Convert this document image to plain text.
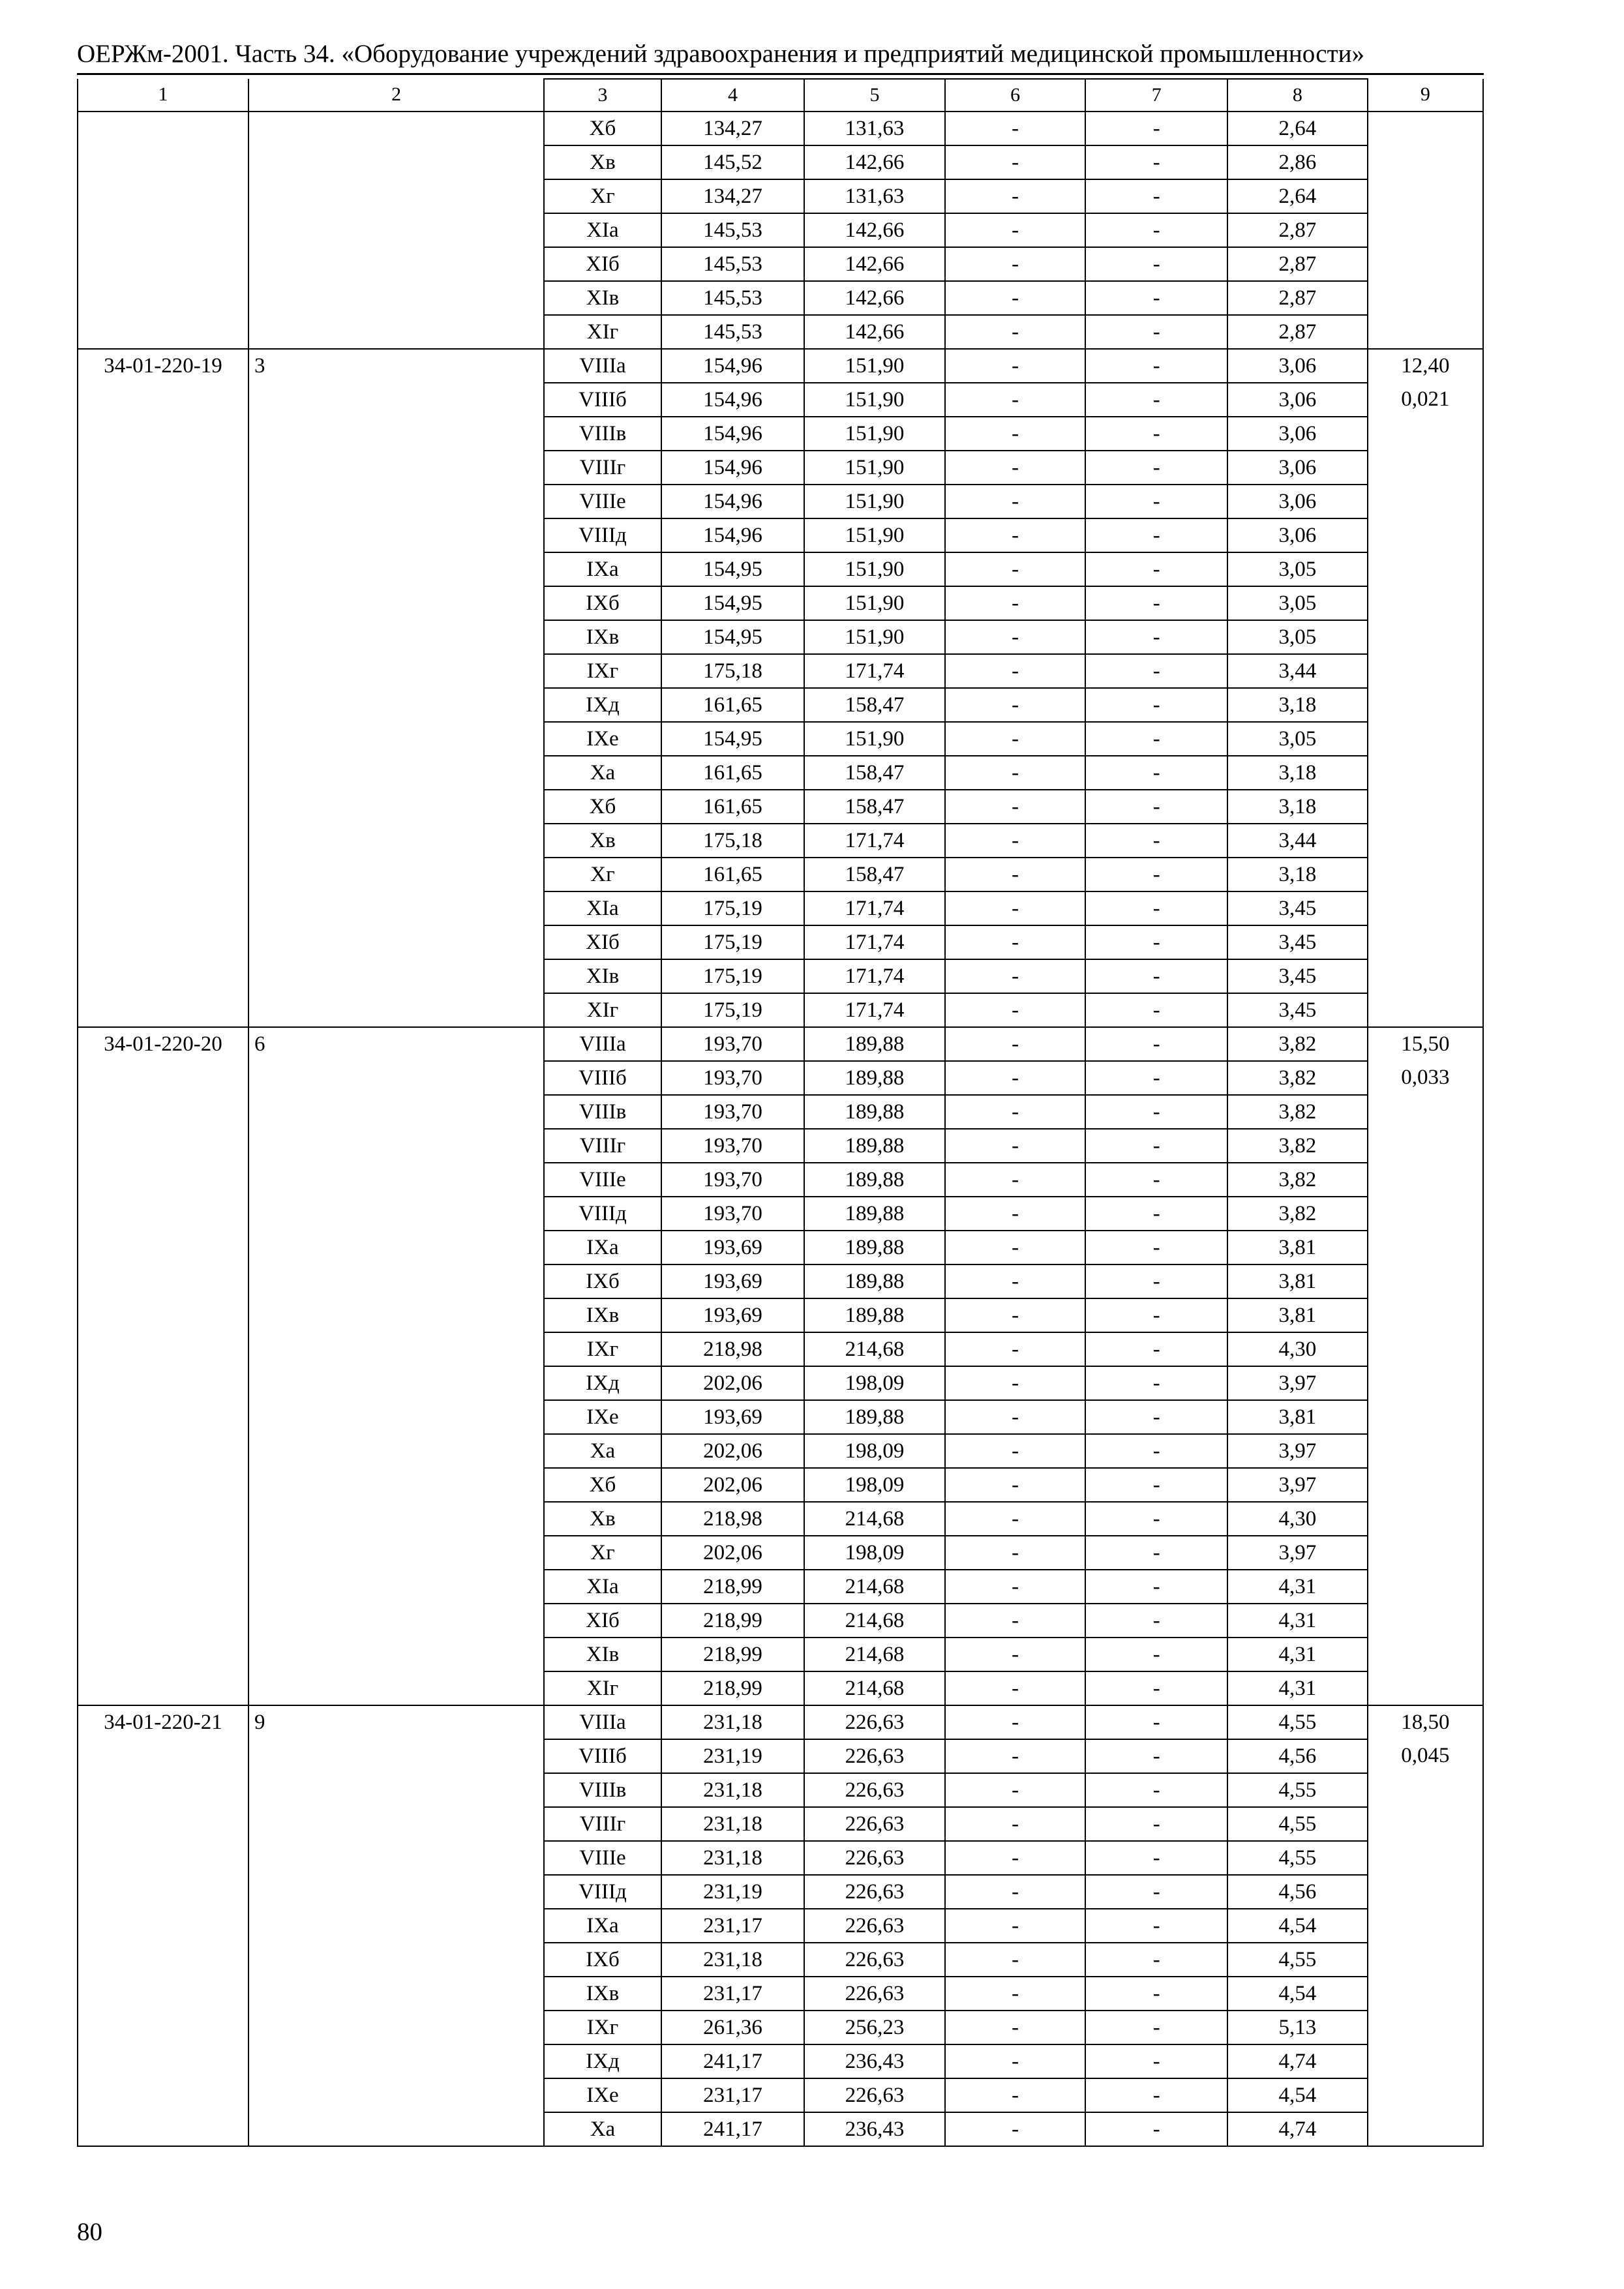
ОЕРЖм-2001. Часть 34. «Оборудование учреждений здравоохранения и предприятий медицинской промышленности»
1	2	3	4	5	6	7	8	9
		Хб	134,27	131,63	-	-	2,64	
		Хв	145,52	142,66	-	-	2,86	
		Хг	134,27	131,63	-	-	2,64	
		XIa	145,53	142,66	-	-	2,87	
		XIб	145,53	142,66	-	-	2,87	
		XIв	145,53	142,66	-	-	2,87	
		XIг	145,53	142,66	-	-	2,87	
34-01-220-19	3	VIIIa	154,96	151,90	-	-	3,06	12,40
		VIIIб	154,96	151,90	-	-	3,06	0,021
		VIIIв	154,96	151,90	-	-	3,06	
		VIIIг	154,96	151,90	-	-	3,06	
		VIIIe	154,96	151,90	-	-	3,06	
		VIIIд	154,96	151,90	-	-	3,06	
		IXa	154,95	151,90	-	-	3,05	
		IXб	154,95	151,90	-	-	3,05	
		IXв	154,95	151,90	-	-	3,05	
		IXг	175,18	171,74	-	-	3,44	
		IXд	161,65	158,47	-	-	3,18	
		IXe	154,95	151,90	-	-	3,05	
		Xa	161,65	158,47	-	-	3,18	
		Хб	161,65	158,47	-	-	3,18	
		Хв	175,18	171,74	-	-	3,44	
		Хг	161,65	158,47	-	-	3,18	
		XIa	175,19	171,74	-	-	3,45	
		XIб	175,19	171,74	-	-	3,45	
		XIв	175,19	171,74	-	-	3,45	
		XIг	175,19	171,74	-	-	3,45	
34-01-220-20	6	VIIIa	193,70	189,88	-	-	3,82	15,50
		VIIIб	193,70	189,88	-	-	3,82	0,033
		VIIIв	193,70	189,88	-	-	3,82	
		VIIIг	193,70	189,88	-	-	3,82	
		VIIIe	193,70	189,88	-	-	3,82	
		VIIIд	193,70	189,88	-	-	3,82	
		IXa	193,69	189,88	-	-	3,81	
		IXб	193,69	189,88	-	-	3,81	
		IXв	193,69	189,88	-	-	3,81	
		IXг	218,98	214,68	-	-	4,30	
		IXд	202,06	198,09	-	-	3,97	
		IXe	193,69	189,88	-	-	3,81	
		Xa	202,06	198,09	-	-	3,97	
		Хб	202,06	198,09	-	-	3,97	
		Хв	218,98	214,68	-	-	4,30	
		Хг	202,06	198,09	-	-	3,97	
		XIa	218,99	214,68	-	-	4,31	
		XIб	218,99	214,68	-	-	4,31	
		XIв	218,99	214,68	-	-	4,31	
		XIг	218,99	214,68	-	-	4,31	
34-01-220-21	9	VIIIa	231,18	226,63	-	-	4,55	18,50
		VIIIб	231,19	226,63	-	-	4,56	0,045
		VIIIв	231,18	226,63	-	-	4,55	
		VIIIг	231,18	226,63	-	-	4,55	
		VIIIe	231,18	226,63	-	-	4,55	
		VIIIд	231,19	226,63	-	-	4,56	
		IXa	231,17	226,63	-	-	4,54	
		IXб	231,18	226,63	-	-	4,55	
		IXв	231,17	226,63	-	-	4,54	
		IXг	261,36	256,23	-	-	5,13	
		IXд	241,17	236,43	-	-	4,74	
		IXe	231,17	226,63	-	-	4,54	
		Xa	241,17	236,43	-	-	4,74	
80
